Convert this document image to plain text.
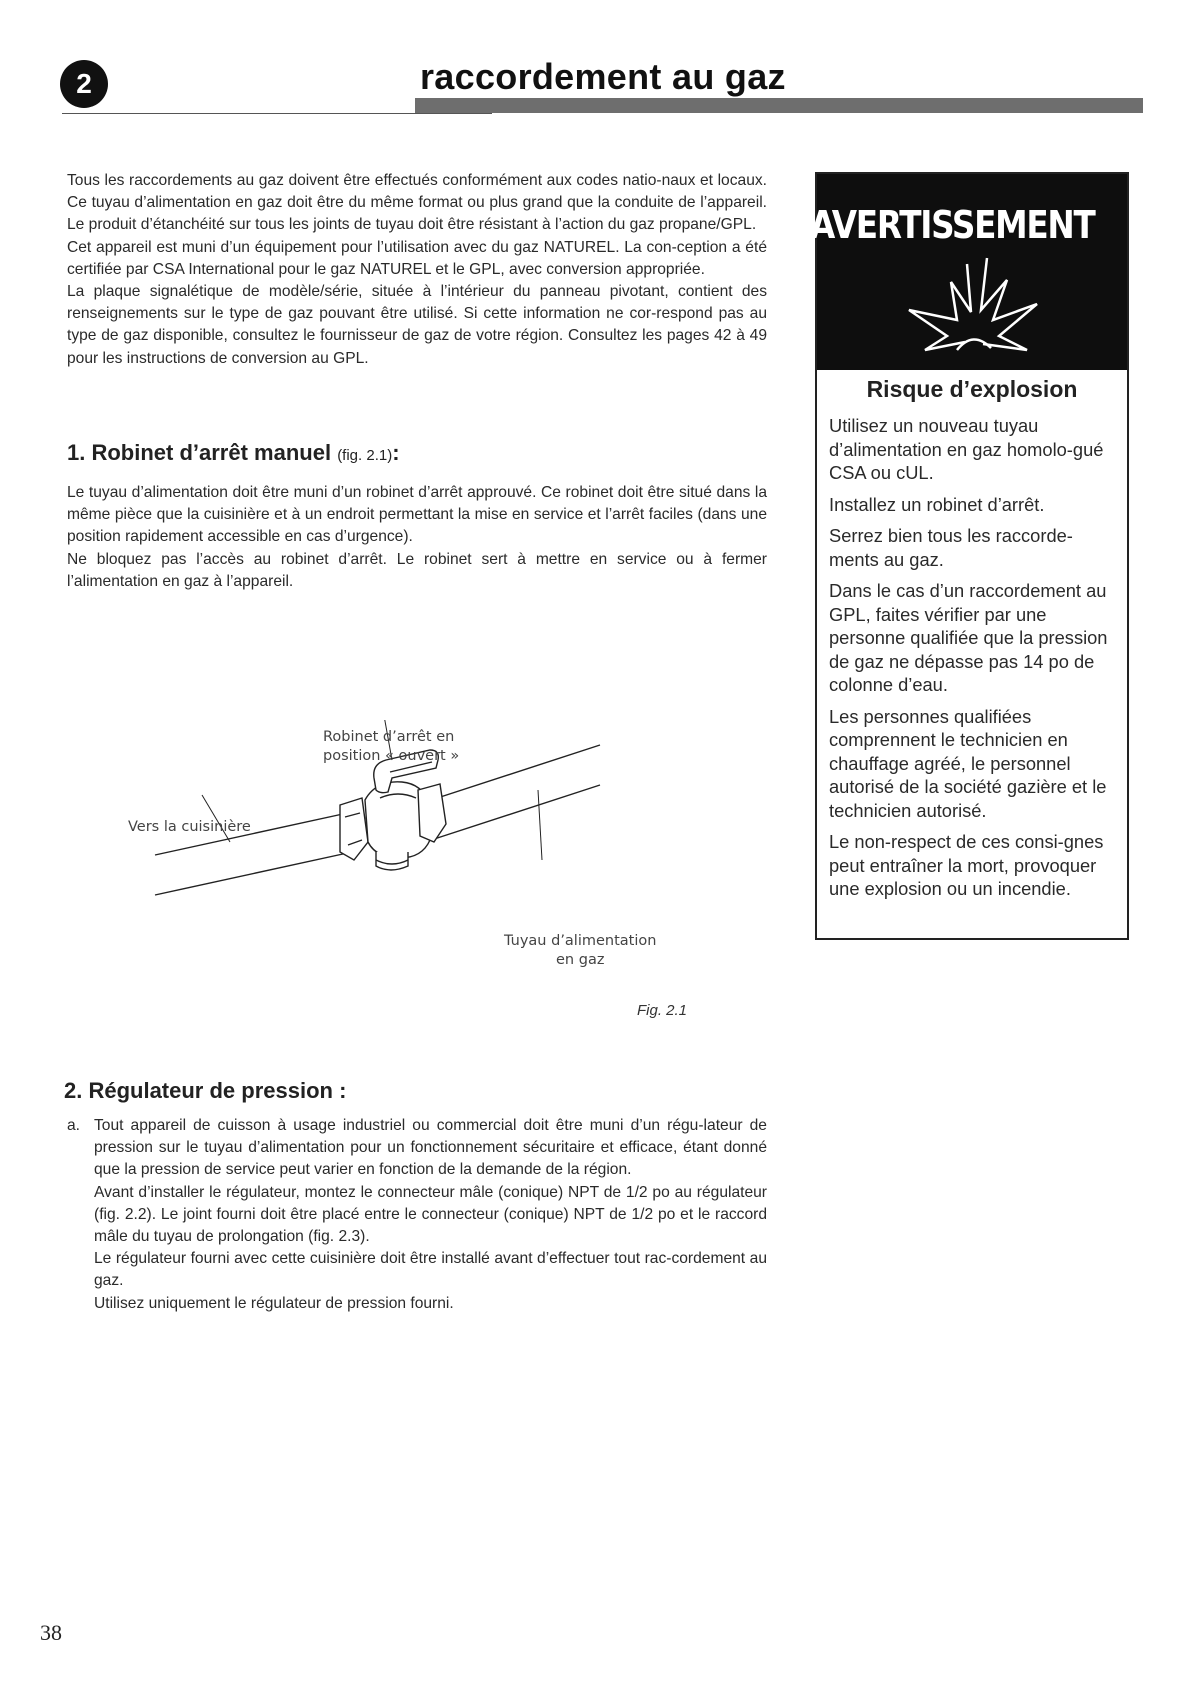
2	raccordement au gaz

Tous les raccordements au gaz doivent être effectués conformément aux codes natio-naux et locaux. Ce tuyau d’alimentation en gaz doit être du même format ou plus grand que la conduite de l’appareil. Le produit d’étanchéité sur tous les joints de tuyau doit être résistant à l’action du gaz propane/GPL.

Cet appareil est muni d’un équipement pour l’utilisation avec du gaz NATUREL. La con-ception a été certifiée par CSA International pour le gaz NATUREL et le GPL, avec conversion appropriée.

La plaque signalétique de modèle/série, située à l’intérieur du panneau pivotant, contient des renseignements sur le type de gaz pouvant être utilisé. Si cette information ne cor-respond pas au type de gaz disponible, consultez le fournisseur de gaz de votre région. Consultez les pages 42 à 49 pour les instructions de conversion au GPL.

1. Robinet d’arrêt manuel (fig. 2.1):

Le tuyau d’alimentation doit être muni d’un robinet d’arrêt approuvé. Ce robinet doit être situé dans la même pièce que la cuisinière et à un endroit permettant la mise en service et l’arrêt faciles (dans une position rapidement accessible en cas d’urgence).

Ne bloquez pas l’accès au robinet d’arrêt. Le robinet sert à mettre en service ou à fermer l’alimentation en gaz à l’appareil.

Robinet d’arrêt en
position « ouvert »
Vers la cuisinière
Tuyau d’alimentation
en gaz
Fig. 2.1
2. Régulateur de pression :
a. Tout appareil de cuisson à usage industriel ou commercial doit être muni d’un régu-lateur de pression sur le tuyau d’alimentation pour un fonctionnement sécuritaire et efficace, étant donné que la pression de service peut varier en fonction de la demande de la région.

Avant d’installer le régulateur, montez le connecteur mâle (conique) NPT de 1/2 po au régulateur (fig. 2.2). Le joint fourni doit être placé entre le connecteur (conique) NPT de 1/2 po et le raccord mâle du tuyau de prolongation (fig. 2.3).

Le régulateur fourni avec cette cuisinière doit être installé avant d’effectuer tout rac-cordement au gaz.

Utilisez uniquement le régulateur de pression fourni.

AVERTISSEMENT
Risque d’explosion

Utilisez un nouveau tuyau d’alimentation en gaz homolo-gué CSA ou cUL.

Installez un robinet d’arrêt.

Serrez bien tous les raccorde-ments au gaz.

Dans le cas d’un raccordement au GPL, faites vérifier par une personne qualifiée que la pression de gaz ne dépasse pas 14 po de colonne d’eau.

Les personnes qualifiées comprennent le technicien en chauffage agréé, le personnel autorisé de la société gazière et le technicien autorisé.

Le non-respect de ces consi-gnes peut entraîner la mort, provoquer une explosion ou un incendie.

38
